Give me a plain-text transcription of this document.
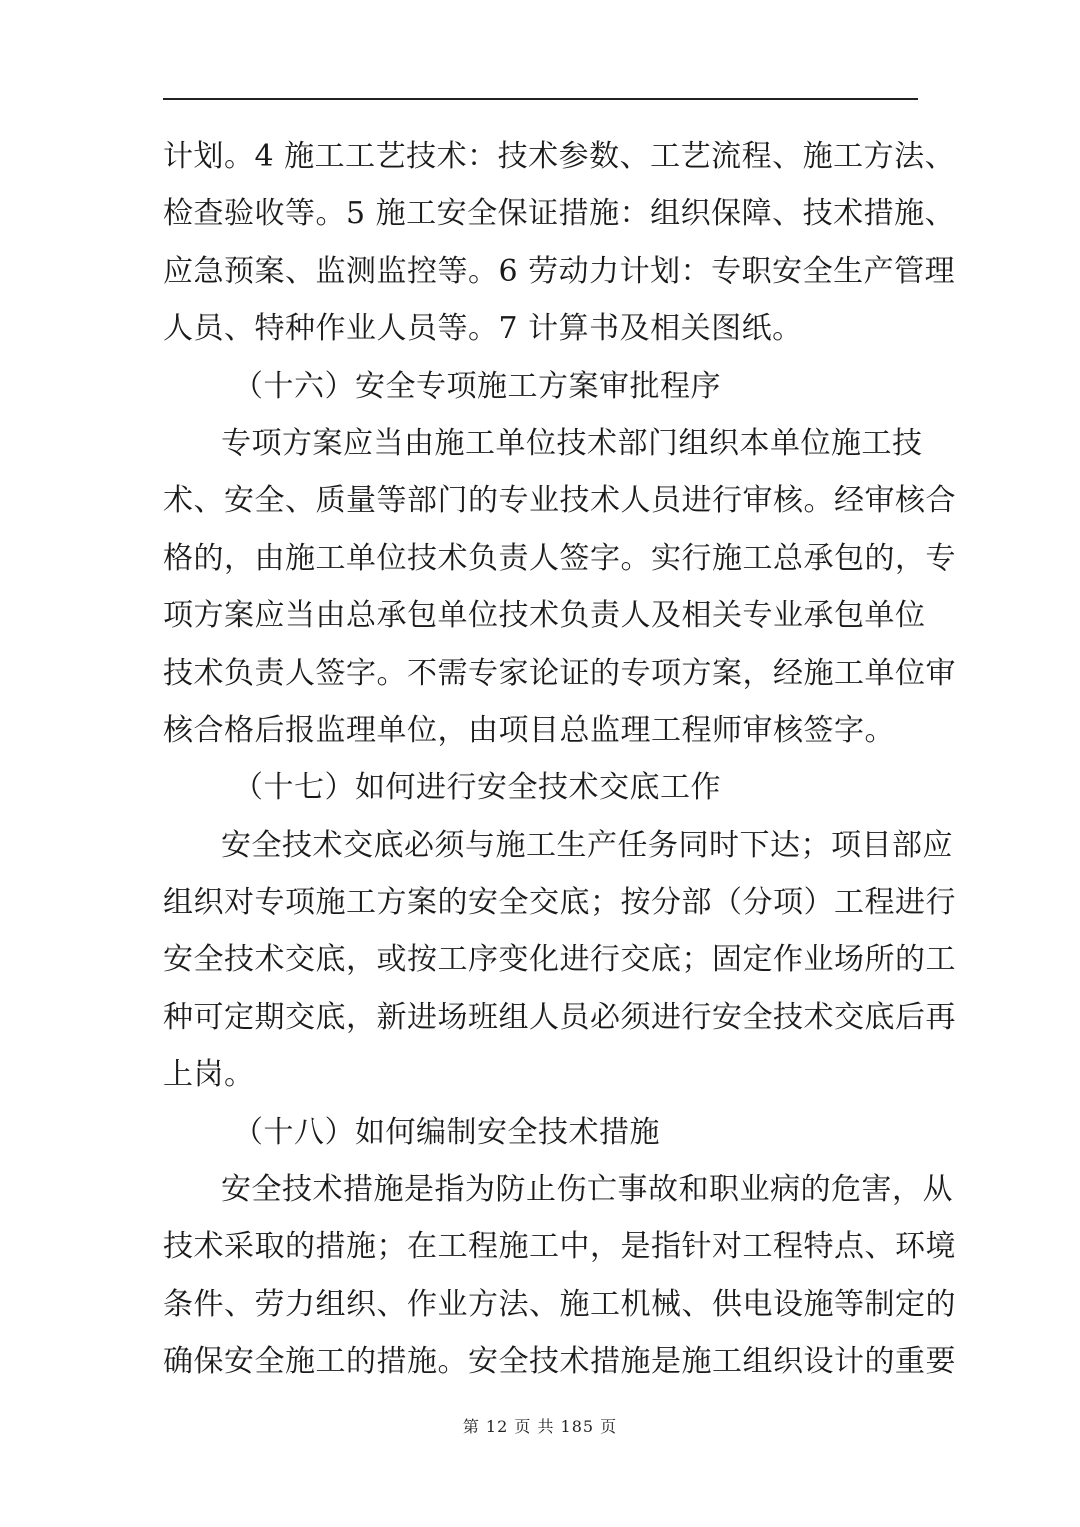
计划。4 施工工艺技术：技术参数、工艺流程、施工方法、
检查验收等。5 施工安全保证措施：组织保障、技术措施、
应急预案、监测监控等。6 劳动力计划：专职安全生产管理
人员、特种作业人员等。7 计算书及相关图纸。
（十六）安全专项施工方案审批程序
专项方案应当由施工单位技术部门组织本单位施工技
术、安全、质量等部门的专业技术人员进行审核。经审核合
格的，由施工单位技术负责人签字。实行施工总承包的，专
项方案应当由总承包单位技术负责人及相关专业承包单位
技术负责人签字。不需专家论证的专项方案，经施工单位审
核合格后报监理单位，由项目总监理工程师审核签字。
（十七）如何进行安全技术交底工作
安全技术交底必须与施工生产任务同时下达；项目部应
组织对专项施工方案的安全交底；按分部（分项）工程进行
安全技术交底，或按工序变化进行交底；固定作业场所的工
种可定期交底，新进场班组人员必须进行安全技术交底后再
上岗。
（十八）如何编制安全技术措施
安全技术措施是指为防止伤亡事故和职业病的危害，从
技术采取的措施；在工程施工中，是指针对工程特点、环境
条件、劳力组织、作业方法、施工机械、供电设施等制定的
确保安全施工的措施。安全技术措施是施工组织设计的重要
第 12 页 共 185 页
